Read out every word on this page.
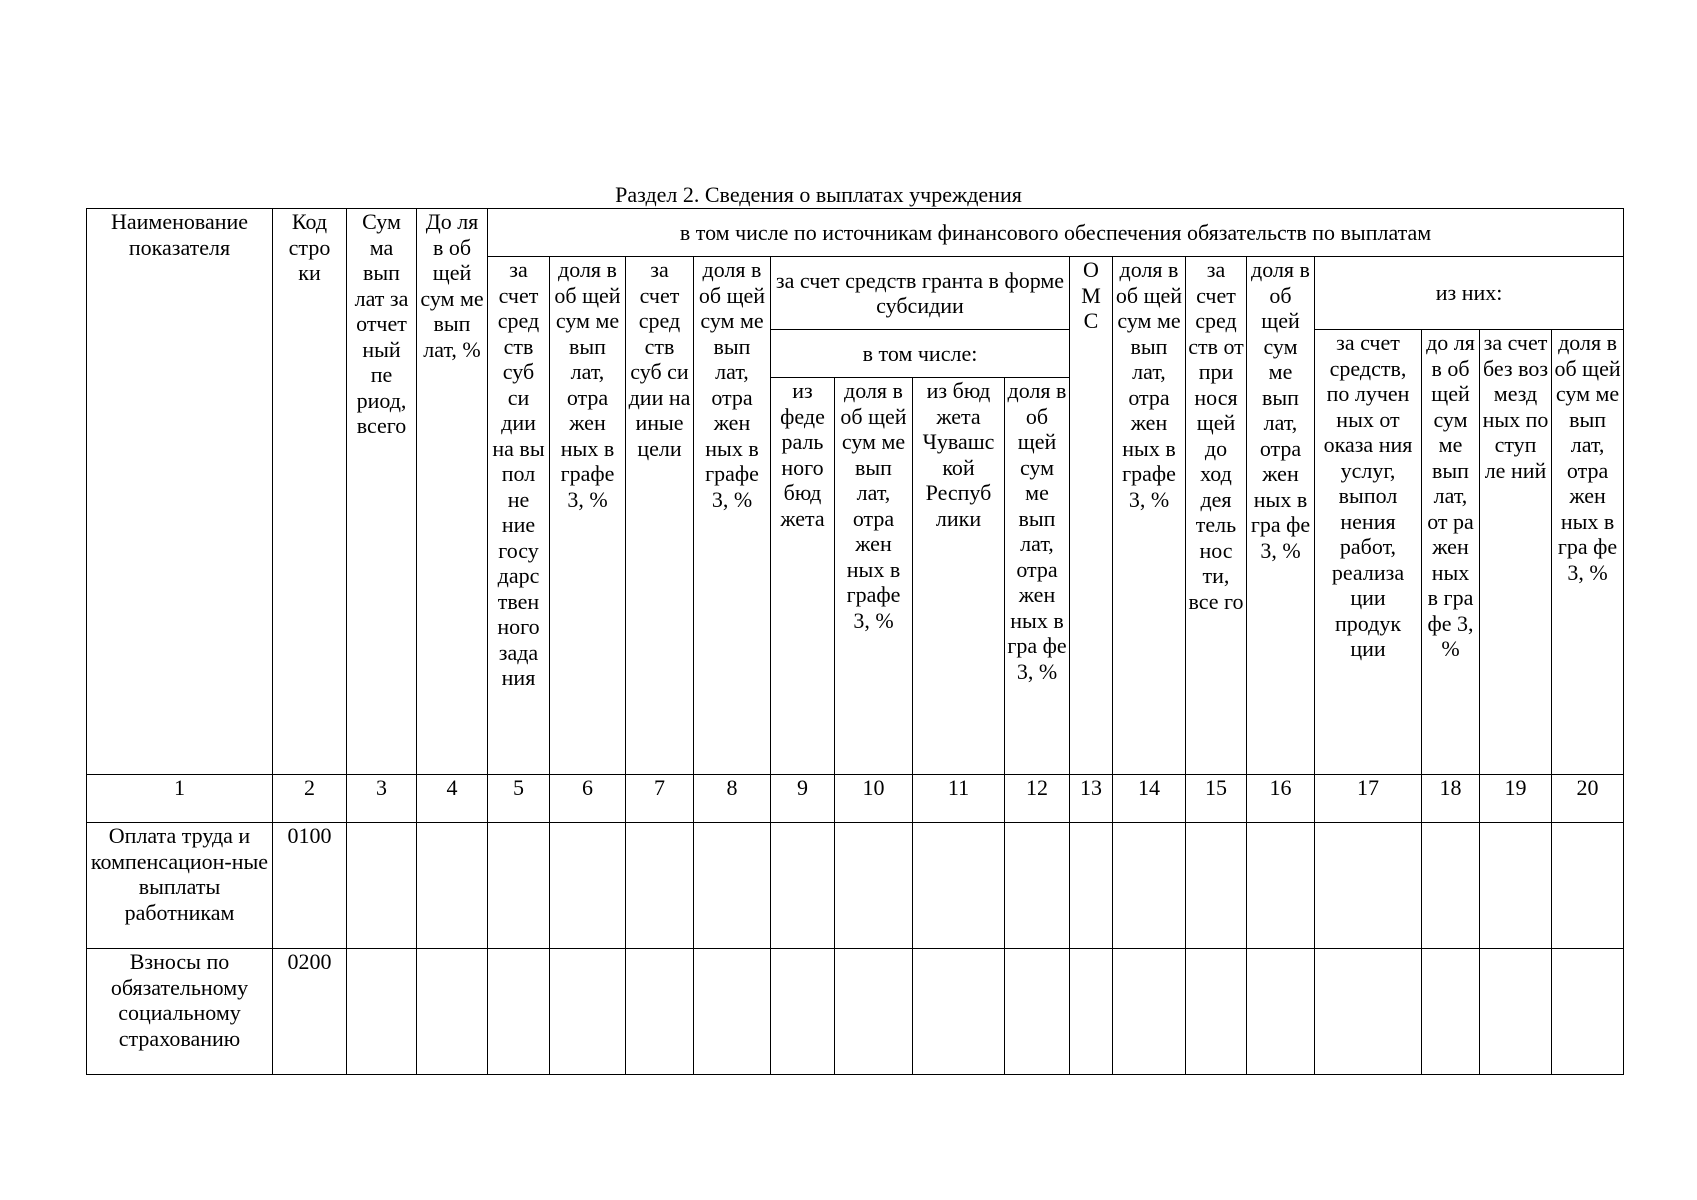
Раздел 2. Сведения о выплатах учреждения
Наименование показателя	Код стро ки	Сум ма вып лат за отчет ный пе риод, всего	До ля в об щей сум ме вып лат, %	в том числе по источникам финансового обеспечения обязательств по выплатам															
				за счет сред ств суб си дии на вы пол не ние госу дарс твен ного зада ния	доля в об щей сум ме вып лат, отра жен ных в графе 3, %	за счет сред ств суб си дии на иные цели	доля в об щей сум ме вып лат, отра жен ных в графе 3, %	за счет средств гранта в форме субсидии				О М С	доля в об щей сум ме вып лат, отра жен ных в графе 3, %	за счет сред ств от при нося щей до ход дея тель нос ти, все го	доля в об щей сум ме вып лат, отра жен ных в гра фе 3, %	из них:			
								в том числе:								за счет средств, по лучен ных от оказа ния услуг, выпол нения работ, реализа ции продук ции	до ля в об щей сум ме вып лат, от ра жен ных в гра фе 3, %	за счет без воз мезд ных по ступ ле ний	доля в об щей сум ме вып лат, отра жен ных в гра фе 3, %
								из феде раль ного бюд жета	доля в об щей сум ме вып лат, отра жен ных в графе 3, %	из бюд жета Чувашс кой Респуб лики	доля в об щей сум ме вып лат, отра жен ных в гра фе 3, %								
1	2	3	4	5	6	7	8	9	10	11	12	13	14	15	16	17	18	19	20
Оплата труда и компенсацион-ные выплаты работникам	0100																		
Взносы по обязательному социальному страхованию	0200																		
